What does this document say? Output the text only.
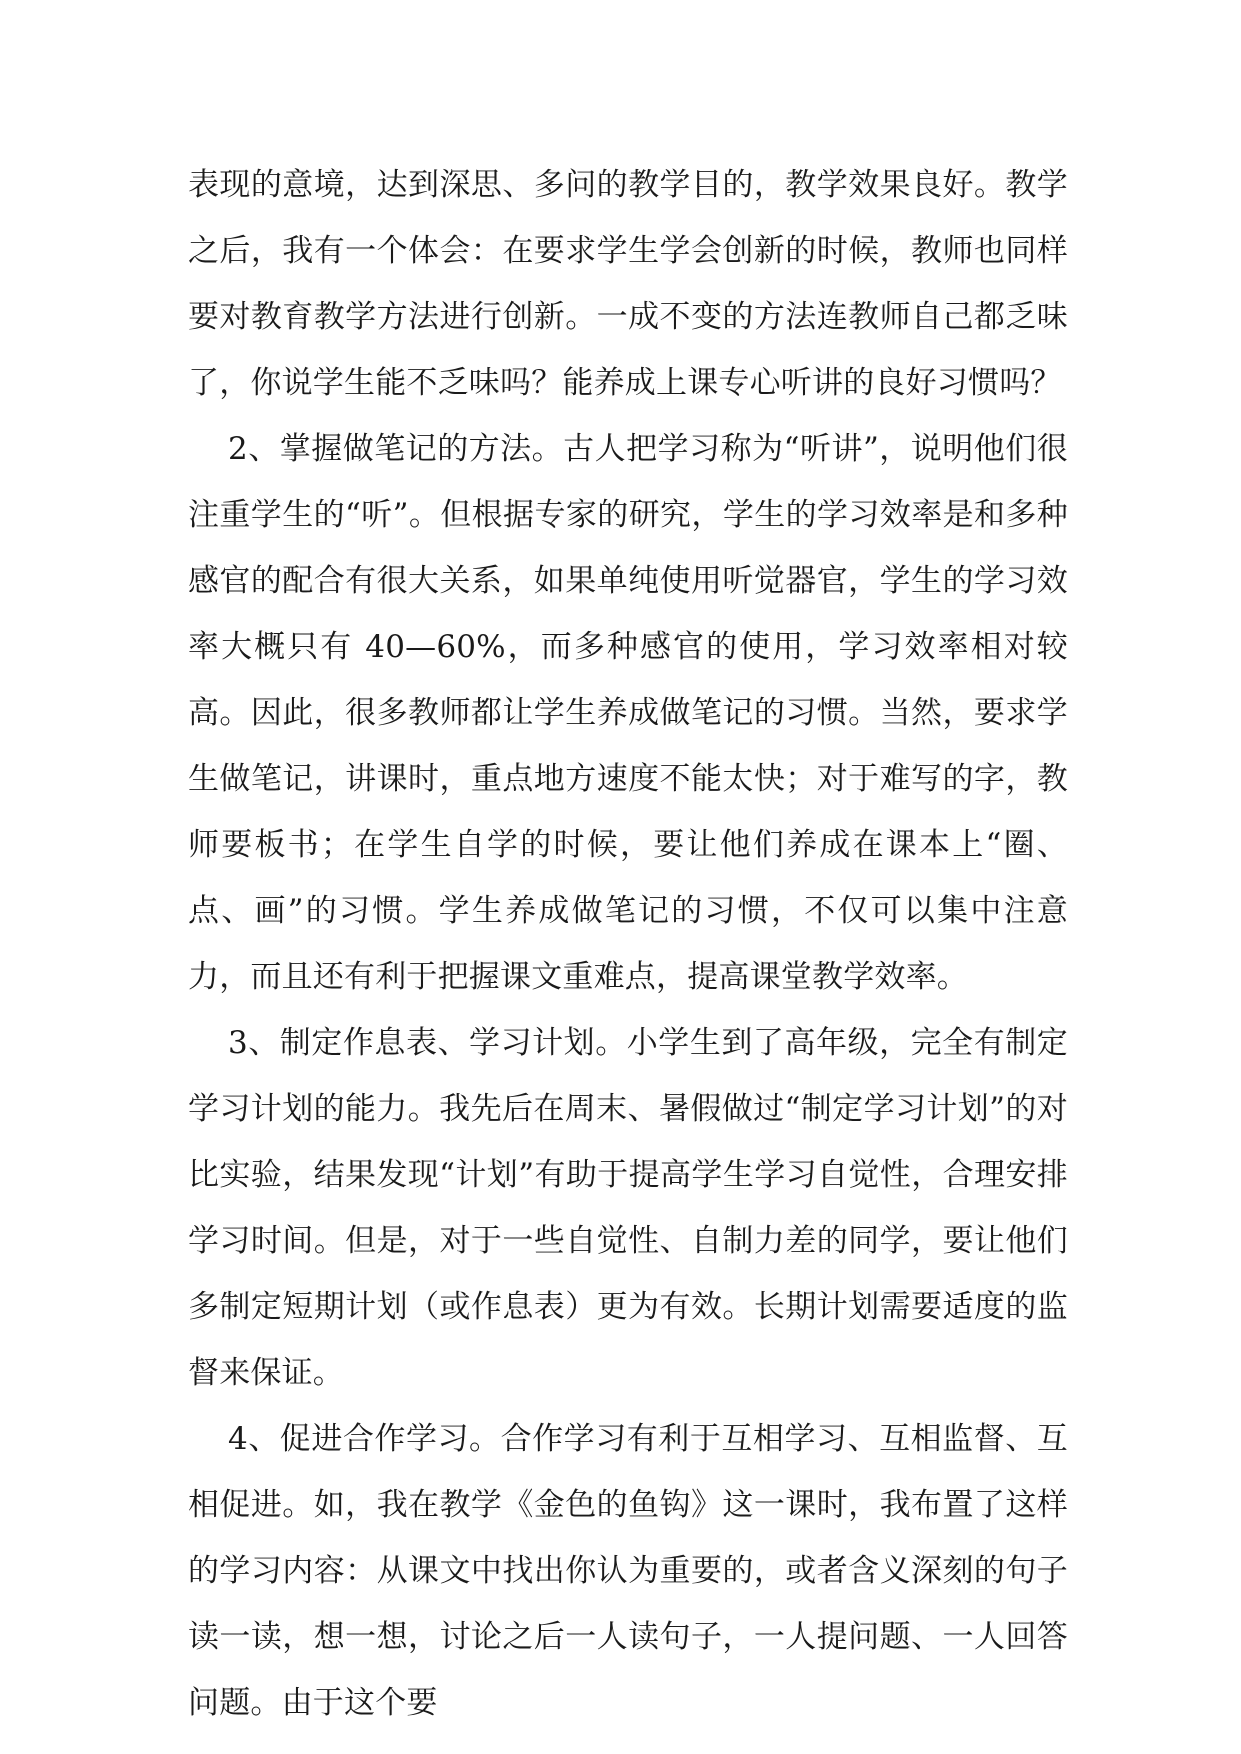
表现的意境，达到深思、多问的教学目的，教学效果良好。教学之后，我有一个体会：在要求学生学会创新的时候，教师也同样要对教育教学方法进行创新。一成不变的方法连教师自己都乏味了，你说学生能不乏味吗？能养成上课专心听讲的良好习惯吗？

2、掌握做笔记的方法。古人把学习称为“听讲”，说明他们很注重学生的“听”。但根据专家的研究，学生的学习效率是和多种感官的配合有很大关系，如果单纯使用听觉器官，学生的学习效率大概只有 40—60%，而多种感官的使用，学习效率相对较高。因此，很多教师都让学生养成做笔记的习惯。当然，要求学生做笔记，讲课时，重点地方速度不能太快；对于难写的字，教师要板书；在学生自学的时候，要让他们养成在课本上“圈、点、画”的习惯。学生养成做笔记的习惯，不仅可以集中注意力，而且还有利于把握课文重难点，提高课堂教学效率。

3、制定作息表、学习计划。小学生到了高年级，完全有制定学习计划的能力。我先后在周末、暑假做过“制定学习计划”的对比实验，结果发现“计划”有助于提高学生学习自觉性，合理安排学习时间。但是，对于一些自觉性、自制力差的同学，要让他们多制定短期计划（或作息表）更为有效。长期计划需要适度的监督来保证。

4、促进合作学习。合作学习有利于互相学习、互相监督、互相促进。如，我在教学《金色的鱼钩》这一课时，我布置了这样的学习内容：从课文中找出你认为重要的，或者含义深刻的句子读一读，想一想，讨论之后一人读句子，一人提问题、一人回答问题。由于这个要
